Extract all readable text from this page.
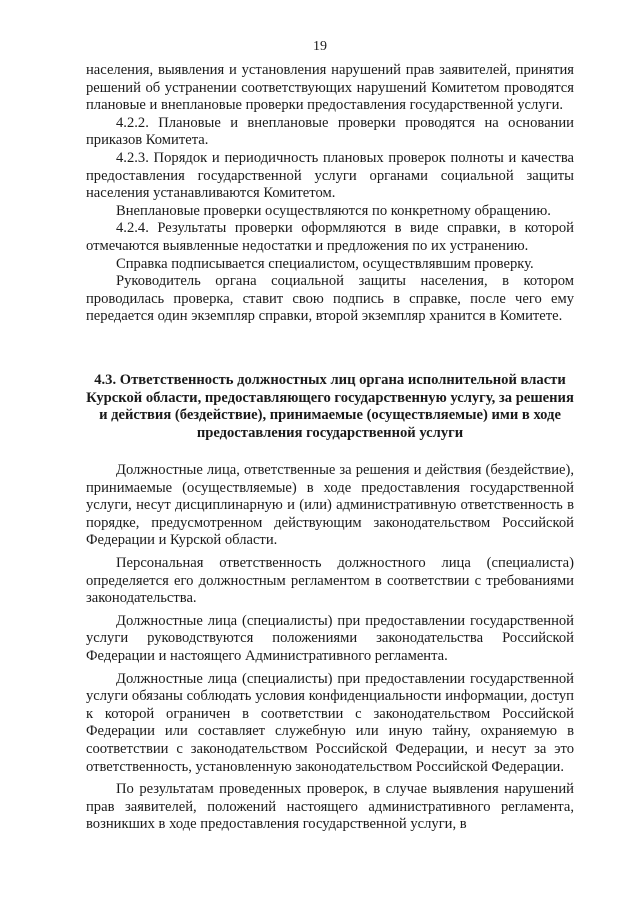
19

населения, выявления и установления нарушений прав заявителей, принятия решений об устранении соответствующих нарушений Комитетом проводятся плановые и внеплановые проверки предоставления государственной услуги.

4.2.2. Плановые и внеплановые проверки проводятся на основании приказов Комитета.

4.2.3. Порядок и периодичность плановых проверок полноты и качества предоставления государственной услуги органами социальной защиты населения устанавливаются Комитетом.

Внеплановые проверки осуществляются по конкретному обращению.

4.2.4. Результаты проверки оформляются в виде справки, в которой отмечаются выявленные недостатки и предложения по их устранению.

Справка подписывается специалистом, осуществлявшим проверку.

Руководитель органа социальной защиты населения, в котором проводилась проверка, ставит свою подпись в справке, после чего ему передается один экземпляр справки, второй экземпляр хранится в Комитете.

4.3. Ответственность должностных лиц органа исполнительной власти Курской области, предоставляющего государственную услугу, за решения и действия (бездействие), принимаемые (осуществляемые) ими в ходе предоставления государственной услуги

Должностные лица, ответственные за решения и действия (бездействие), принимаемые (осуществляемые) в ходе предоставления государственной услуги, несут дисциплинарную и (или) административную ответственность в порядке, предусмотренном действующим законодательством Российской Федерации и Курской области.

Персональная ответственность должностного лица (специалиста) определяется его должностным регламентом в соответствии с требованиями законодательства.

Должностные лица (специалисты) при предоставлении государственной услуги руководствуются положениями законодательства Российской Федерации и настоящего Административного регламента.

Должностные лица (специалисты) при предоставлении государственной услуги обязаны соблюдать условия конфиденциальности информации, доступ к которой ограничен в соответствии с законодательством Российской Федерации или составляет служебную или иную тайну, охраняемую в соответствии с законодательством Российской Федерации, и несут за это ответственность, установленную законодательством Российской Федерации.

По результатам проведенных проверок, в случае выявления нарушений прав заявителей, положений настоящего административного регламента, возникших в ходе предоставления государственной услуги, в
